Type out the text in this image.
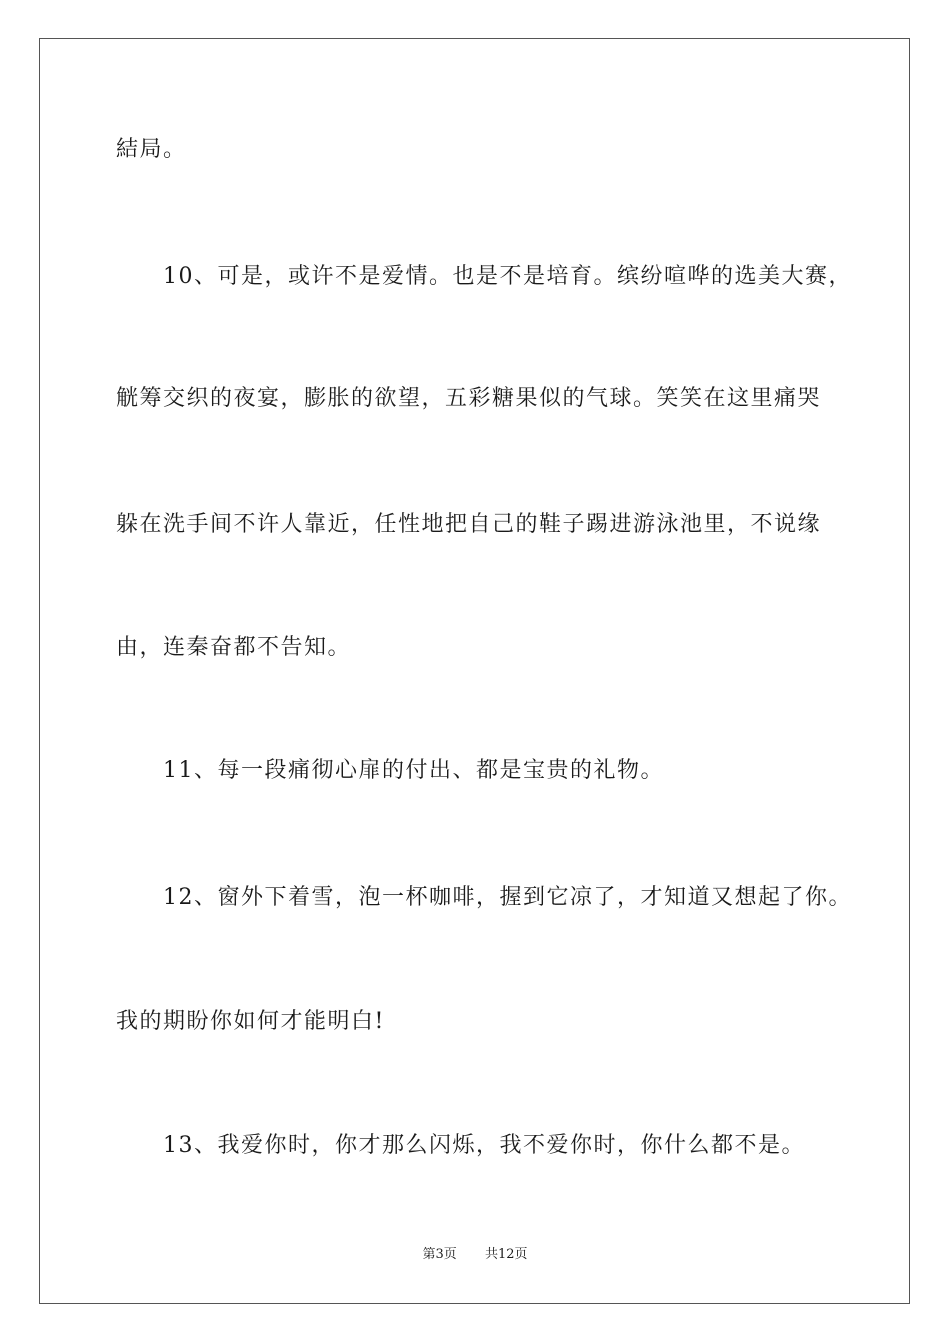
結局。
　　10、可是，或许不是爱情。也是不是培育。缤纷喧哗的选美大赛，
觥筹交织的夜宴，膨胀的欲望，五彩糖果似的气球。笑笑在这里痛哭
躲在洗手间不许人靠近，任性地把自己的鞋子踢进游泳池里，不说缘
由，连秦奋都不告知。
　　11、每一段痛彻心扉的付出、都是宝贵的礼物。
　　12、窗外下着雪，泡一杯咖啡，握到它凉了，才知道又想起了你。
我的期盼你如何才能明白!
　　13、我爱你时，你才那么闪烁，我不爱你时，你什么都不是。
第3页 共12页
